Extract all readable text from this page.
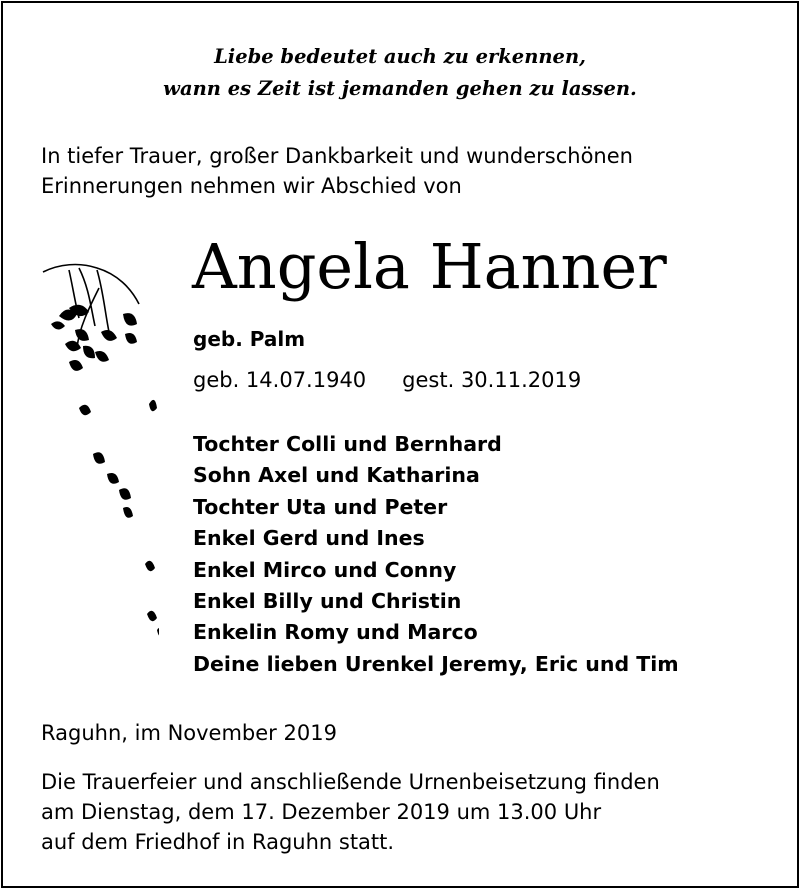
Liebe bedeutet auch zu erkennen,
wann es Zeit ist jemanden gehen zu lassen.
In tiefer Trauer, großer Dankbarkeit und wunderschönen
Erinnerungen nehmen wir Abschied von
Angela Hanner
geb. Palm
geb. 14.07.1940 gest. 30.11.2019
Tochter Colli und Bernhard
Sohn Axel und Katharina
Tochter Uta und Peter
Enkel Gerd und Ines
Enkel Mirco und Conny
Enkel Billy und Christin
Enkelin Romy und Marco
Deine lieben Urenkel Jeremy, Eric und Tim
Raguhn, im November 2019
Die Trauerfeier und anschließende Urnenbeisetzung finden
am Dienstag, dem 17. Dezember 2019 um 13.00 Uhr
auf dem Friedhof in Raguhn statt.
